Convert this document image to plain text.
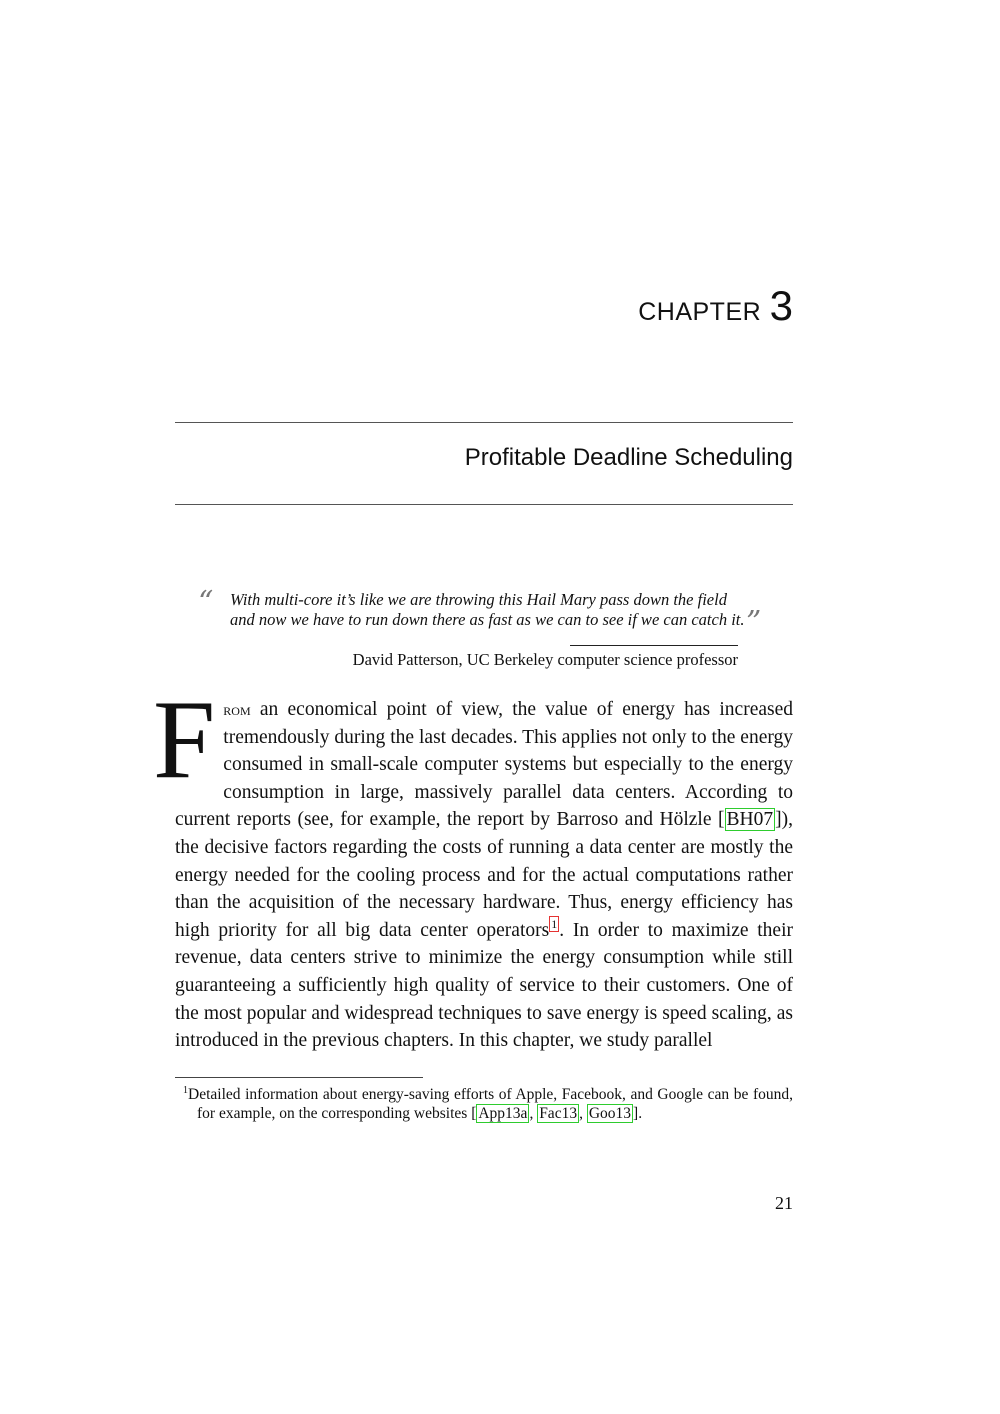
CHAPTER 3
Profitable Deadline Scheduling
“ With multi-core it’s like we are throwing this Hail Mary pass down the field
and now we have to run down there as fast as we can to see if we can catch it. ”
David Patterson, UC Berkeley computer science professor
From an economical point of view, the value of energy has increased tremendously during the last decades. This applies not only to the energy consumed in small-scale computer systems but especially to the energy consumption in large, massively parallel data centers. According to current reports (see, for example, the report by Barroso and Hölzle [ BH07 ]), the decisive factors regarding the costs of running a data center are mostly the energy needed for the cooling process and for the actual computations rather than the acquisition of the necessary hardware. Thus, energy efficiency has high priority for all big data center operators $^1$ . In order to maximize their revenue, data centers strive to minimize the energy consumption while still guaranteeing a sufficiently high quality of service to their customers. One of the most popular and widespread techniques to save energy is speed scaling, as introduced in the previous chapters. In this chapter, we study parallel
$^1$Detailed information about energy-saving efforts of Apple, Facebook, and Google can be found, for example, on the corresponding websites [ App13a , Fac13 , Goo13 ].
21
